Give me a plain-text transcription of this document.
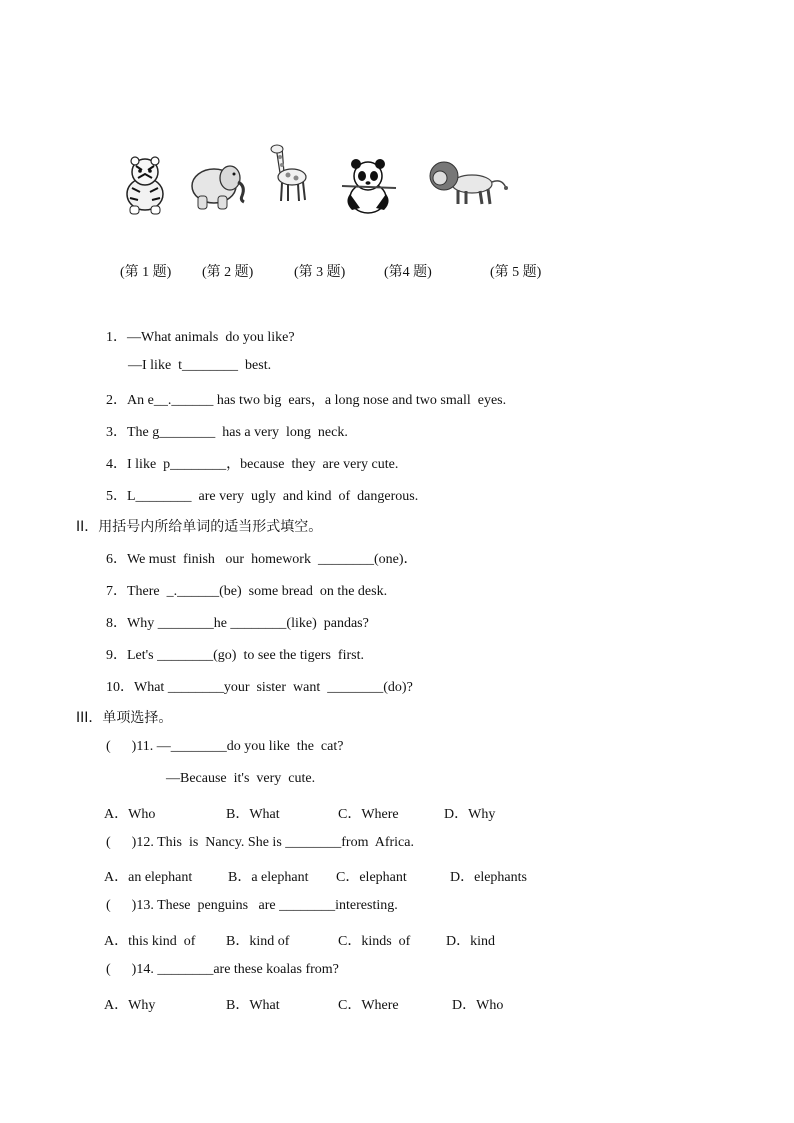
(第 1 题) (第 2 题)	(第 3 题)	(第4 题)	(第 5 题)
1．—What animals  do you like?
—I like  t________  best.
2．An e__.______ has two big  ears，a long nose and two small  eyes.
3．The g________  has a very  long  neck.
4．I like  p________，because  they  are very cute.
5．L________  are very  ugly  and kind  of  dangerous.
II．用括号内所给单词的适当形式填空。
6．We must  finish   our  homework  ________(one)．
7．There  _.______(be)  some bread  on the desk.
8．Why ________he ________(like)  pandas?
9．Let's ________(go)  to see the tigers  first.
10．What ________your  sister  want  ________(do)?
III．单项选择。
(      )11. —________do you like  the  cat?
—Because  it's  very  cute.
A．Who	B．What	C．Where	D．Why
(      )12. This  is  Nancy. She is ________from  Africa.
A．an elephant	B．a elephant C．elephant	D．elephants
(      )13. These  penguins   are ________interesting.
A．this kind  of B．kind of	C．kinds  of	D．kind
(      )14. ________are these koalas from?
A．Why	B．What	C．Where	D．Who
